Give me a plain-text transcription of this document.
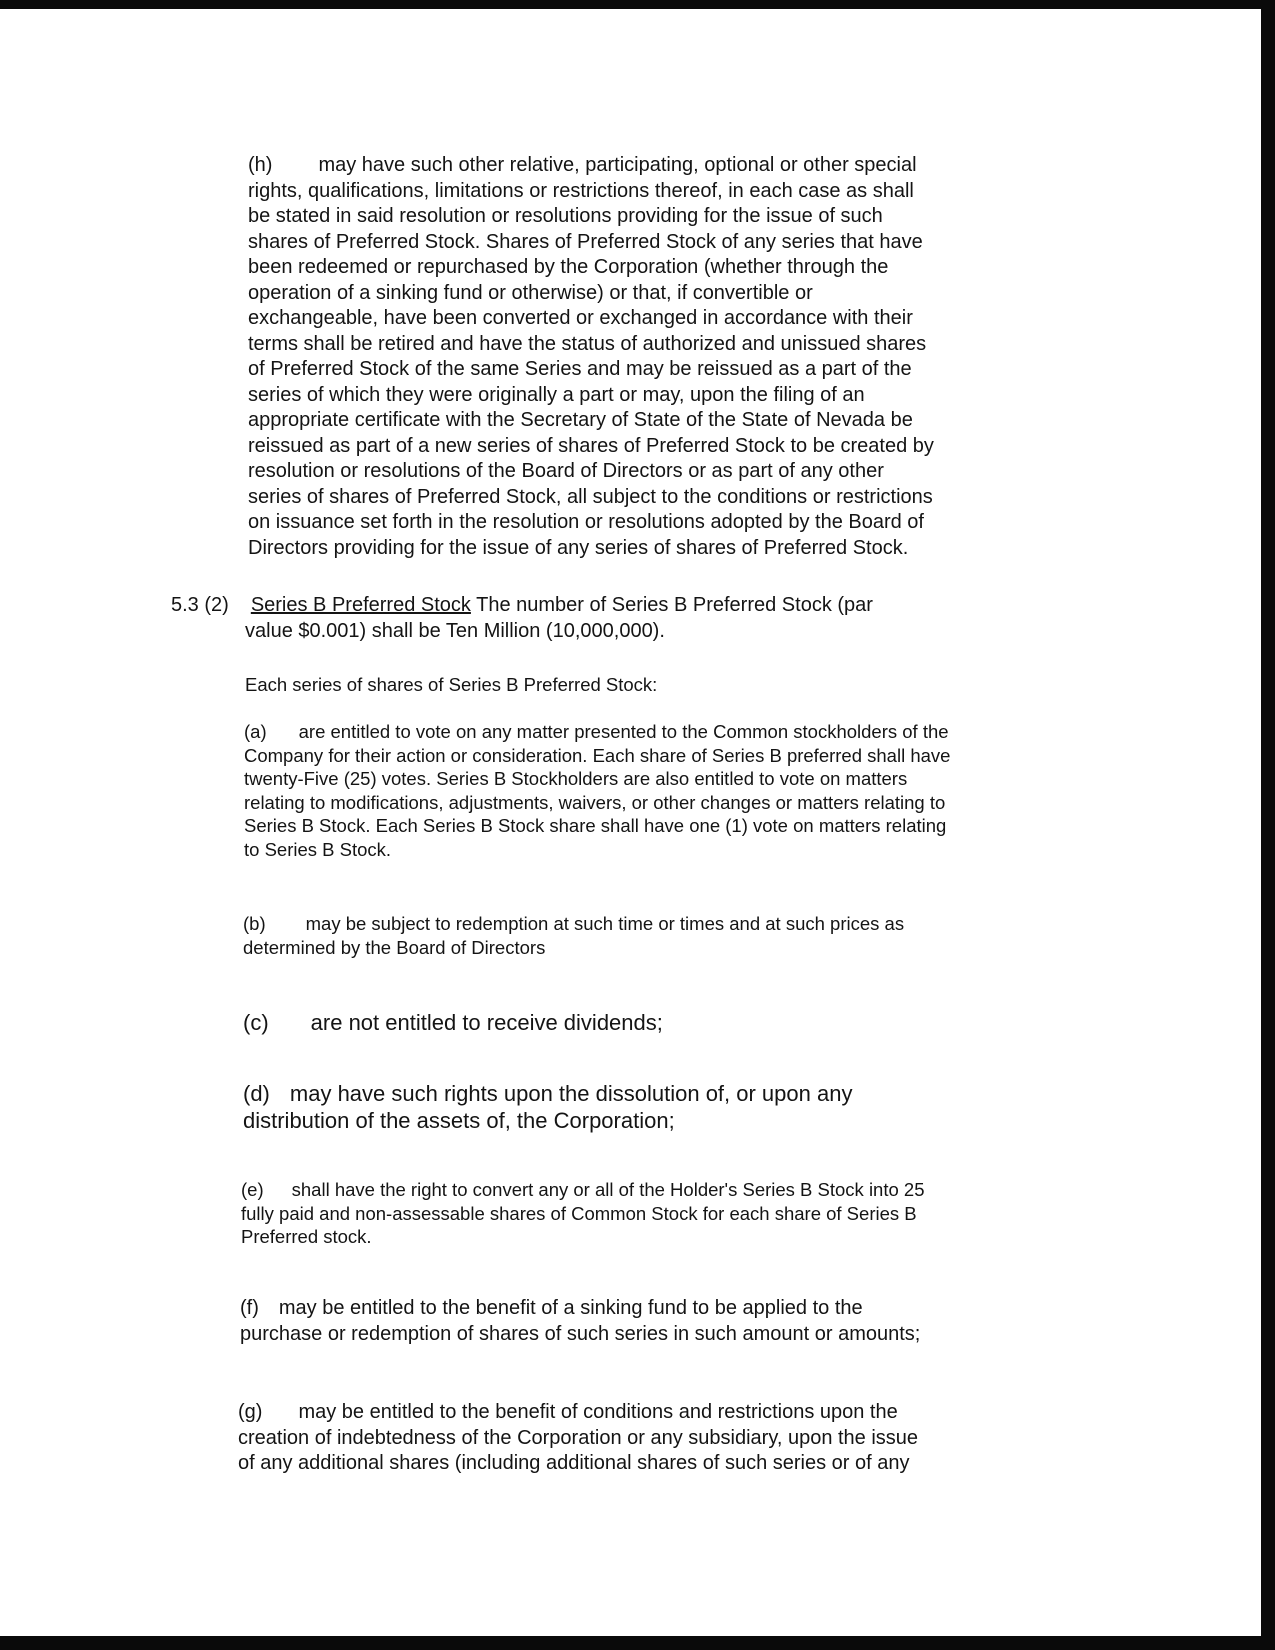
(h) may have such other relative, participating, optional or other special
rights, qualifications, limitations or restrictions thereof, in each case as shall
be stated in said resolution or resolutions providing for the issue of such
shares of Preferred Stock. Shares of Preferred Stock of any series that have
been redeemed or repurchased by the Corporation (whether through the
operation of a sinking fund or otherwise) or that, if convertible or
exchangeable, have been converted or exchanged in accordance with their
terms shall be retired and have the status of authorized and unissued shares
of Preferred Stock of the same Series and may be reissued as a part of the
series of which they were originally a part or may, upon the filing of an
appropriate certificate with the Secretary of State of the State of Nevada be
reissued as part of a new series of shares of Preferred Stock to be created by
resolution or resolutions of the Board of Directors or as part of any other
series of shares of Preferred Stock, all subject to the conditions or restrictions
on issuance set forth in the resolution or resolutions adopted by the Board of
Directors providing for the issue of any series of shares of Preferred Stock.
5.3 (2) Series B Preferred Stock The number of Series B Preferred Stock (par
value $0.001) shall be Ten Million (10,000,000).
Each series of shares of Series B Preferred Stock:
(a) are entitled to vote on any matter presented to the Common stockholders of the
Company for their action or consideration. Each share of Series B preferred shall have
twenty-Five (25) votes. Series B Stockholders are also entitled to vote on matters
relating to modifications, adjustments, waivers, or other changes or matters relating to
Series B Stock. Each Series B Stock share shall have one (1) vote on matters relating
to Series B Stock.
(b) may be subject to redemption at such time or times and at such prices as
determined by the Board of Directors
(c) are not entitled to receive dividends;
(d) may have such rights upon the dissolution of, or upon any
distribution of the assets of, the Corporation;
(e) shall have the right to convert any or all of the Holder's Series B Stock into 25
fully paid and non-assessable shares of Common Stock for each share of Series B
Preferred stock.
(f) may be entitled to the benefit of a sinking fund to be applied to the
purchase or redemption of shares of such series in such amount or amounts;
(g) may be entitled to the benefit of conditions and restrictions upon the
creation of indebtedness of the Corporation or any subsidiary, upon the issue
of any additional shares (including additional shares of such series or of any
